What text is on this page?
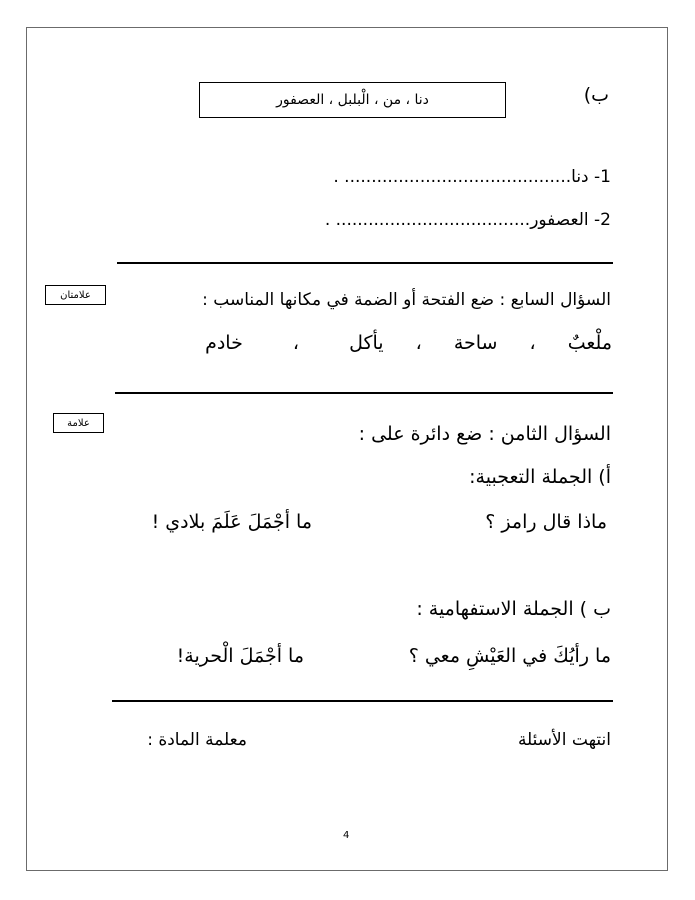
ب)
دنا ، من ، الْبلبل ، العصفور
1- دنا.......................................... .
2- العصفور.................................... .
علامتان	السؤال السابع : ضع الفتحة أو الضمة في مكانها المناسب :
ملْعبٌ ، ساحة ، يأكل ، خادم
علامة	السؤال الثامن : ضع دائرة على :
أ) الجملة التعجبية:
ماذا قال رامز ؟
ما أجْمَلَ عَلَمَ بلادي !
ب ) الجملة الاستفهامية :
ما رأيُكَ في العَيْشِ معي ؟
ما أجْمَلَ الْحرية!
انتهت الأسئلة
معلمة المادة :
4
